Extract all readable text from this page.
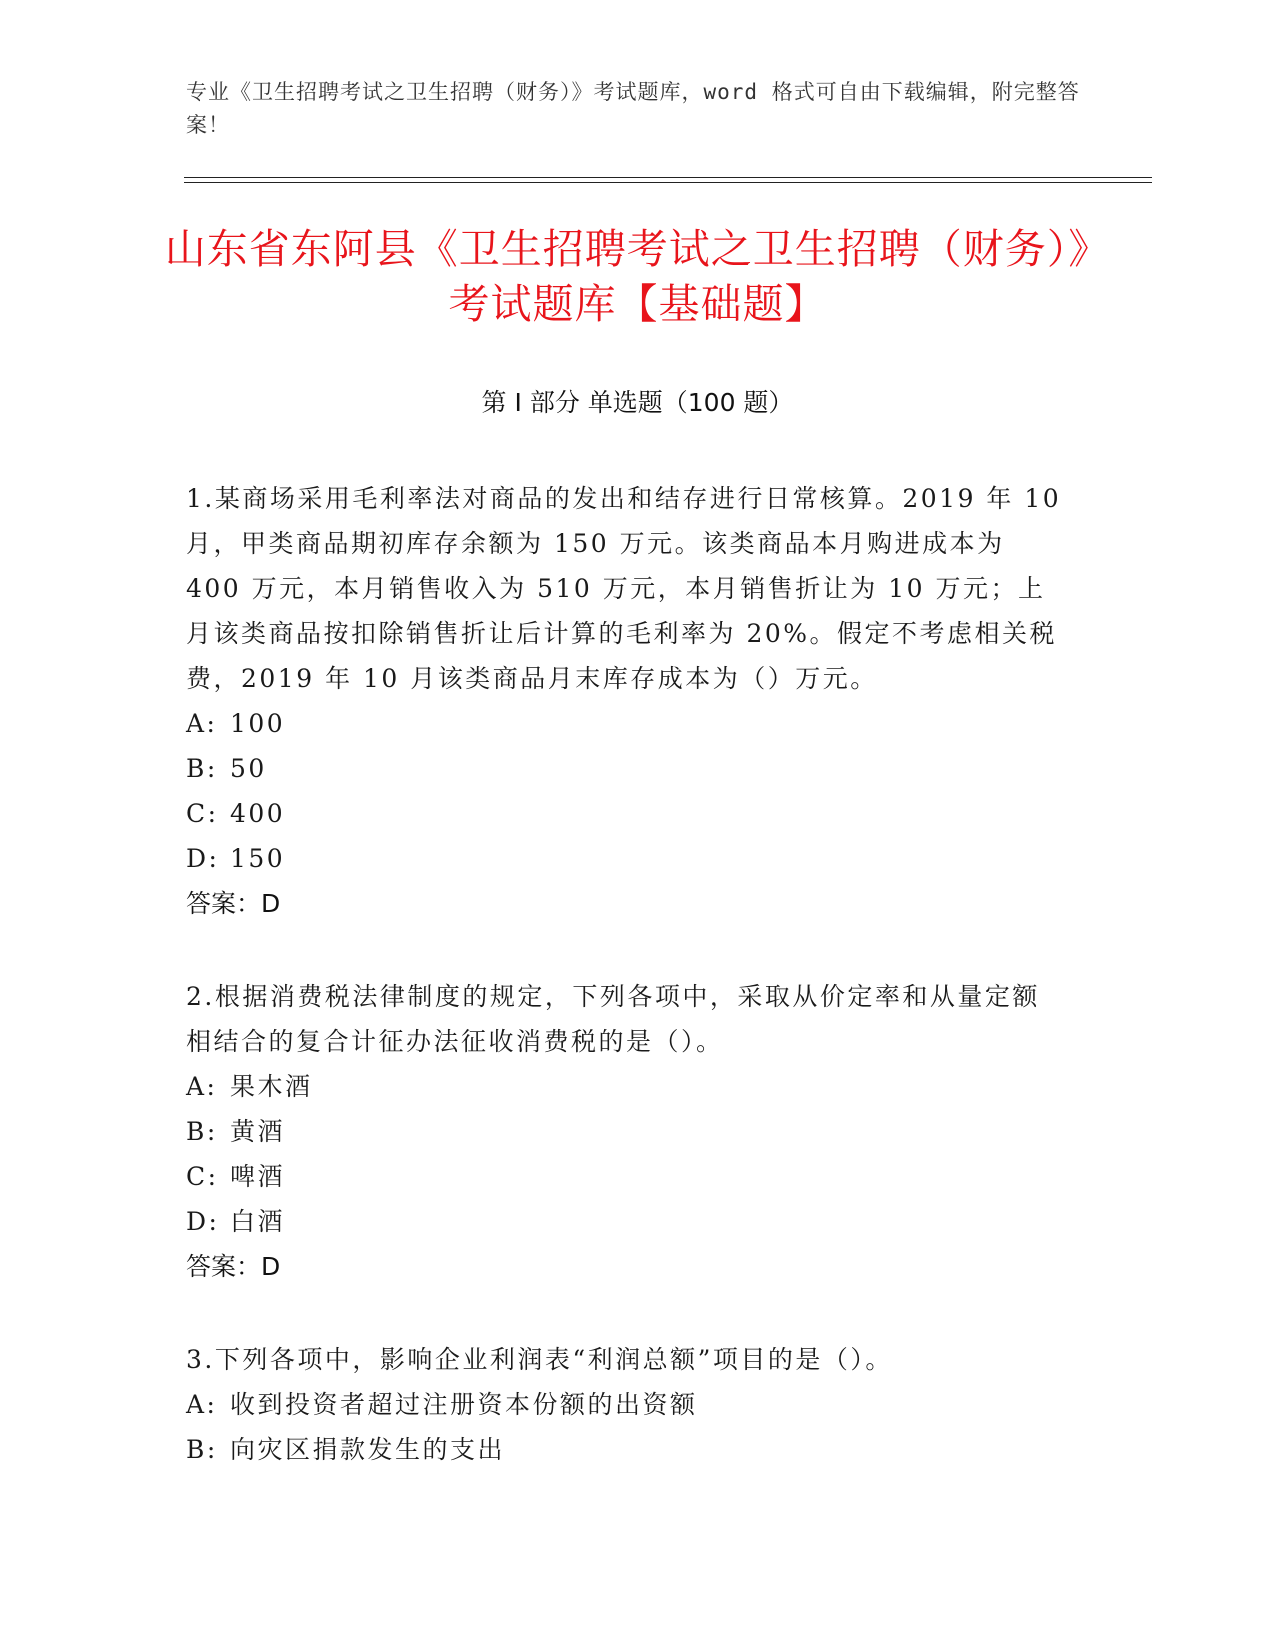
专业《卫生招聘考试之卫生招聘（财务）》考试题库，word 格式可自由下载编辑，附完整答案！
山东省东阿县《卫生招聘考试之卫生招聘（财务）》考试题库【基础题】
第 I 部分 单选题（100 题）
1.某商场采用毛利率法对商品的发出和结存进行日常核算。2019 年 10 月，甲类商品期初库存余额为 150 万元。该类商品本月购进成本为 400 万元，本月销售收入为 510 万元，本月销售折让为 10 万元；上月该类商品按扣除销售折让后计算的毛利率为 20%。假定不考虑相关税费，2019 年 10 月该类商品月末库存成本为（）万元。
A: 100
B: 50
C: 400
D: 150
答案：D
2.根据消费税法律制度的规定，下列各项中，采取从价定率和从量定额相结合的复合计征办法征收消费税的是（）。
A: 果木酒
B: 黄酒
C: 啤酒
D: 白酒
答案：D
3.下列各项中，影响企业利润表“利润总额”项目的是（）。
A: 收到投资者超过注册资本份额的出资额
B: 向灾区捐款发生的支出
